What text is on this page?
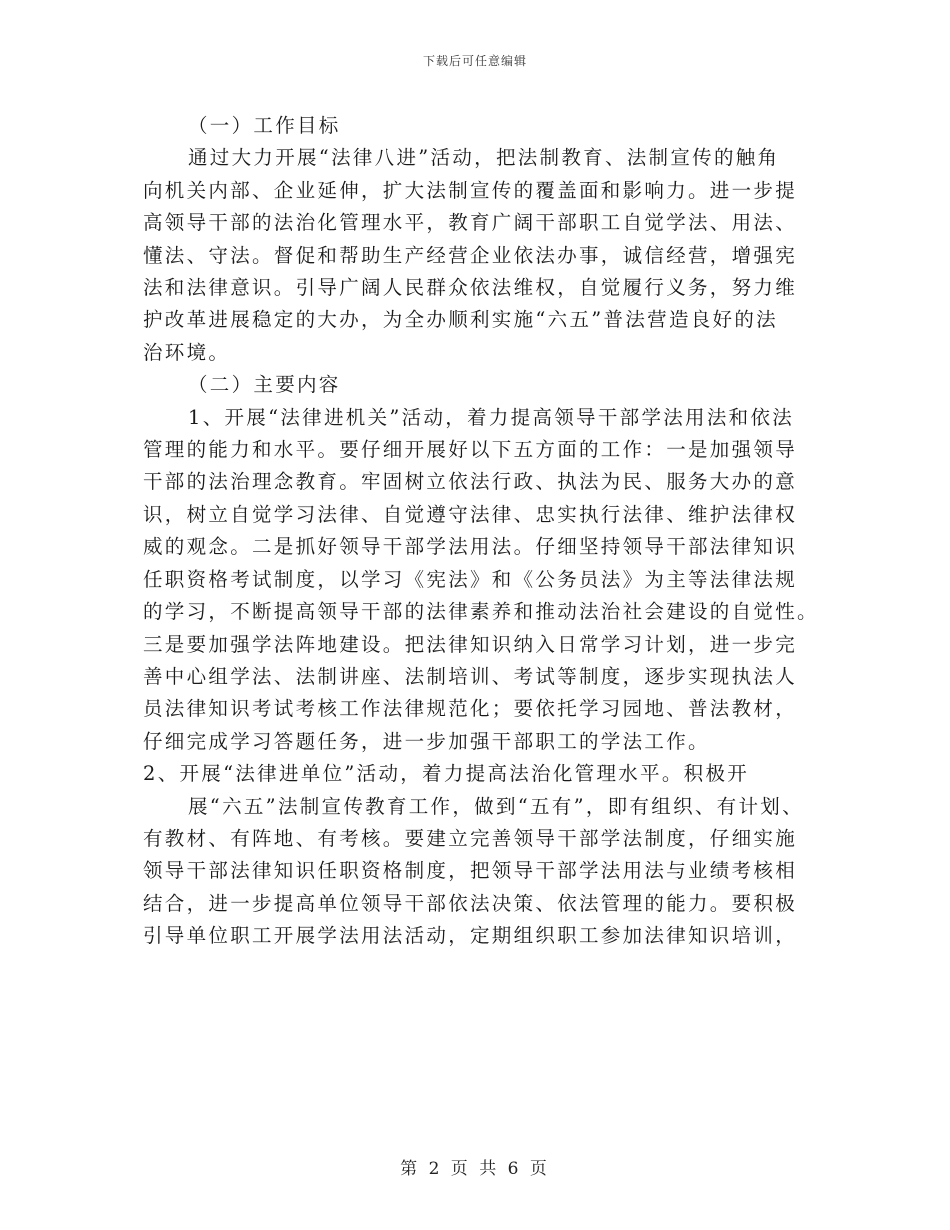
下载后可任意编辑
（一）工作目标
通过大力开展“法律八进”活动，把法制教育、法制宣传的触角
向机关内部、企业延伸，扩大法制宣传的覆盖面和影响力。进一步提
高领导干部的法治化管理水平，教育广阔干部职工自觉学法、用法、
懂法、守法。督促和帮助生产经营企业依法办事，诚信经营，增强宪
法和法律意识。引导广阔人民群众依法维权，自觉履行义务，努力维
护改革进展稳定的大办，为全办顺利实施“六五”普法营造良好的法
治环境。
（二）主要内容
1、开展“法律进机关”活动，着力提高领导干部学法用法和依法
管理的能力和水平。要仔细开展好以下五方面的工作：一是加强领导
干部的法治理念教育。牢固树立依法行政、执法为民、服务大办的意
识，树立自觉学习法律、自觉遵守法律、忠实执行法律、维护法律权
威的观念。二是抓好领导干部学法用法。仔细坚持领导干部法律知识
任职资格考试制度，以学习《宪法》和《公务员法》为主等法律法规
的学习，不断提高领导干部的法律素养和推动法治社会建设的自觉性。
三是要加强学法阵地建设。把法律知识纳入日常学习计划，进一步完
善中心组学法、法制讲座、法制培训、考试等制度，逐步实现执法人
员法律知识考试考核工作法律规范化；要依托学习园地、普法教材，
仔细完成学习答题任务，进一步加强干部职工的学法工作。
2、开展“法律进单位”活动，着力提高法治化管理水平。积极开
展“六五”法制宣传教育工作，做到“五有”，即有组织、有计划、
有教材、有阵地、有考核。要建立完善领导干部学法制度，仔细实施
领导干部法律知识任职资格制度，把领导干部学法用法与业绩考核相
结合，进一步提高单位领导干部依法决策、依法管理的能力。要积极
引导单位职工开展学法用法活动，定期组织职工参加法律知识培训，
第 2 页 共 6 页
